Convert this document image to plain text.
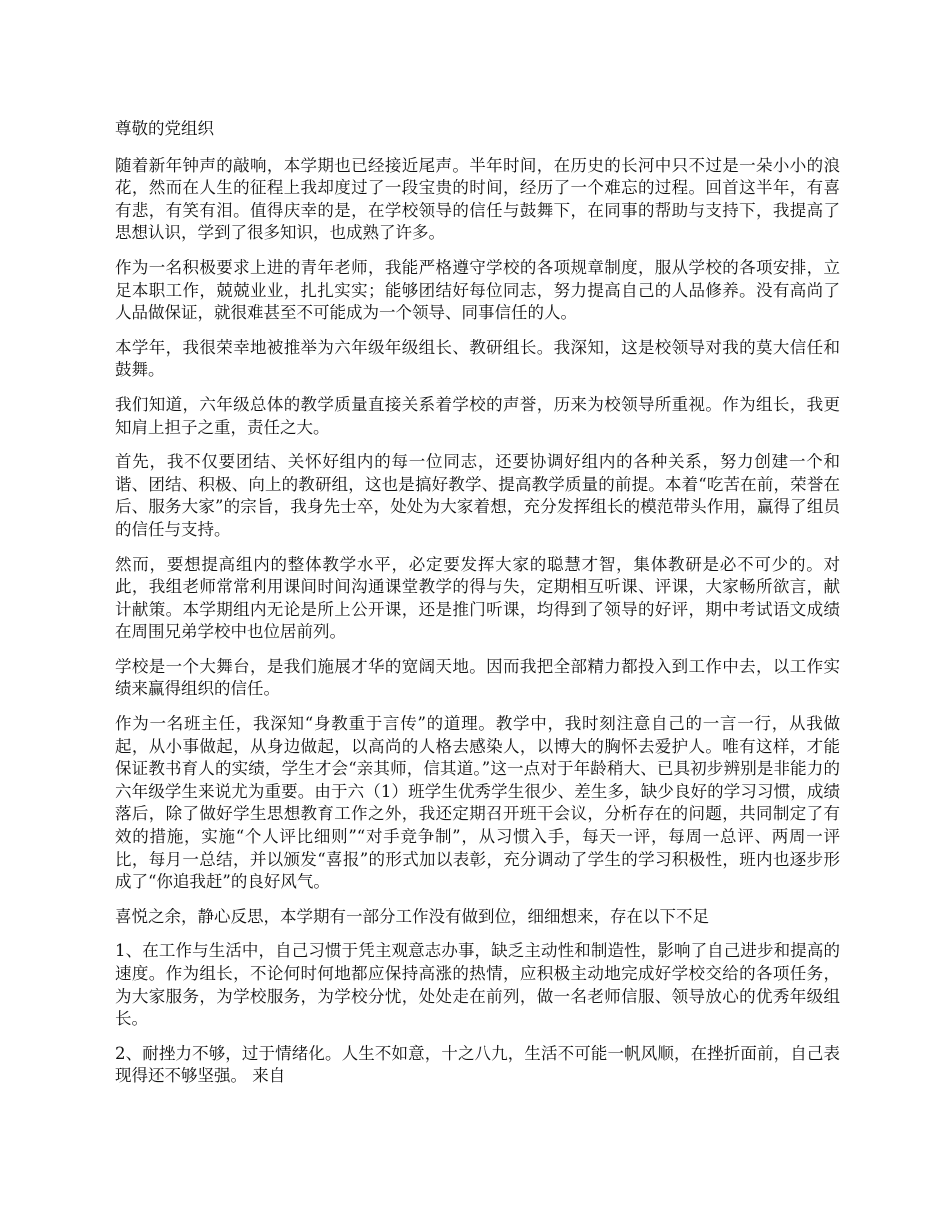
尊敬的党组织

随着新年钟声的敲响，本学期也已经接近尾声。半年时间，在历史的长河中只不过是一朵小小的浪花，然而在人生的征程上我却度过了一段宝贵的时间，经历了一个难忘的过程。回首这半年，有喜有悲，有笑有泪。值得庆幸的是，在学校领导的信任与鼓舞下，在同事的帮助与支持下，我提高了思想认识，学到了很多知识，也成熟了许多。

作为一名积极要求上进的青年老师，我能严格遵守学校的各项规章制度，服从学校的各项安排，立足本职工作，兢兢业业，扎扎实实；能够团结好每位同志，努力提高自己的人品修养。没有高尚了人品做保证，就很难甚至不可能成为一个领导、同事信任的人。

本学年，我很荣幸地被推举为六年级年级组长、教研组长。我深知，这是校领导对我的莫大信任和鼓舞。

我们知道，六年级总体的教学质量直接关系着学校的声誉，历来为校领导所重视。作为组长，我更知肩上担子之重，责任之大。

首先，我不仅要团结、关怀好组内的每一位同志，还要协调好组内的各种关系，努力创建一个和谐、团结、积极、向上的教研组，这也是搞好教学、提高教学质量的前提。本着“吃苦在前，荣誉在后、服务大家”的宗旨，我身先士卒，处处为大家着想，充分发挥组长的模范带头作用，赢得了组员的信任与支持。

然而，要想提高组内的整体教学水平，必定要发挥大家的聪慧才智，集体教研是必不可少的。对此，我组老师常常利用课间时间沟通课堂教学的得与失，定期相互听课、评课，大家畅所欲言，献计献策。本学期组内无论是所上公开课，还是推门听课，均得到了领导的好评，期中考试语文成绩在周围兄弟学校中也位居前列。

学校是一个大舞台，是我们施展才华的宽阔天地。因而我把全部精力都投入到工作中去，以工作实绩来赢得组织的信任。

作为一名班主任，我深知“身教重于言传”的道理。教学中，我时刻注意自己的一言一行，从我做起，从小事做起，从身边做起，以高尚的人格去感染人，以博大的胸怀去爱护人。唯有这样，才能保证教书育人的实绩，学生才会“亲其师，信其道。”这一点对于年龄稍大、已具初步辨别是非能力的六年级学生来说尤为重要。由于六（1）班学生优秀学生很少、差生多，缺少良好的学习习惯，成绩落后，除了做好学生思想教育工作之外，我还定期召开班干会议，分析存在的问题，共同制定了有效的措施，实施“个人评比细则”“对手竞争制”，从习惯入手，每天一评，每周一总评、两周一评比，每月一总结，并以颁发“喜报”的形式加以表彰，充分调动了学生的学习积极性，班内也逐步形成了“你追我赶”的良好风气。

喜悦之余，静心反思，本学期有一部分工作没有做到位，细细想来，存在以下不足

1、在工作与生活中，自己习惯于凭主观意志办事，缺乏主动性和制造性，影响了自己进步和提高的速度。作为组长，不论何时何地都应保持高涨的热情，应积极主动地完成好学校交给的各项任务，为大家服务，为学校服务，为学校分忧，处处走在前列，做一名老师信服、领导放心的优秀年级组长。

2、耐挫力不够，过于情绪化。人生不如意，十之八九，生活不可能一帆风顺，在挫折面前，自己表现得还不够坚强。 来自
